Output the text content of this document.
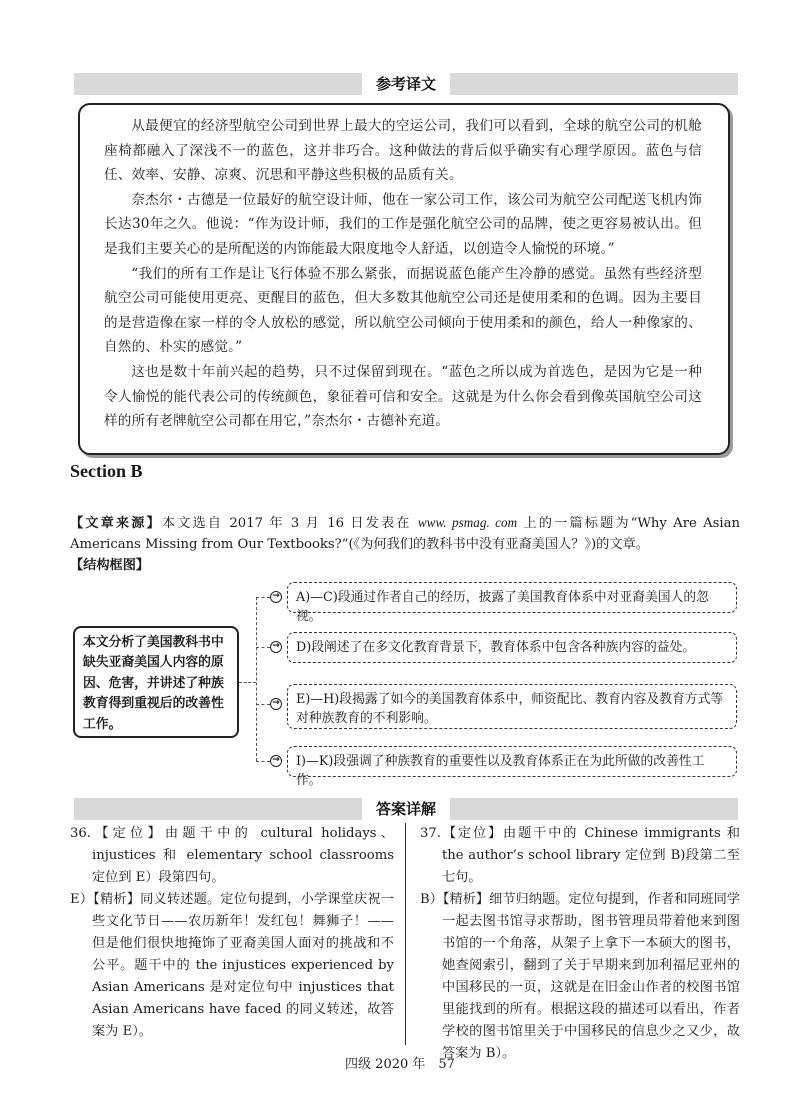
参考译文

从最便宜的经济型航空公司到世界上最大的空运公司，我们可以看到，全球的航空公司的机舱座椅都融入了深浅不一的蓝色，这并非巧合。这种做法的背后似乎确实有心理学原因。蓝色与信任、效率、安静、凉爽、沉思和平静这些积极的品质有关。

奈杰尔・古德是一位最好的航空设计师，他在一家公司工作，该公司为航空公司配送飞机内饰长达30年之久。他说：“作为设计师，我们的工作是强化航空公司的品牌，使之更容易被认出。但是我们主要关心的是所配送的内饰能最大限度地令人舒适，以创造令人愉悦的环境。”

“我们的所有工作是让飞行体验不那么紧张，而据说蓝色能产生冷静的感觉。虽然有些经济型航空公司可能使用更亮、更醒目的蓝色，但大多数其他航空公司还是使用柔和的色调。因为主要目的是营造像在家一样的令人放松的感觉，所以航空公司倾向于使用柔和的颜色，给人一种像家的、自然的、朴实的感觉。”

这也是数十年前兴起的趋势，只不过保留到现在。“蓝色之所以成为首选色，是因为它是一种令人愉悦的能代表公司的传统颜色，象征着可信和安全。这就是为什么你会看到像英国航空公司这样的所有老牌航空公司都在用它，”奈杰尔・古德补充道。

Section B
【文章来源】本文选自 2017 年 3 月 16 日发表在 www. psmag. com 上的一篇标题为“Why Are Asian Americans Missing from Our Textbooks?”(《为何我们的教科书中没有亚裔美国人？》)的文章。
【结构框图】
本文分析了美国教科书中缺失亚裔美国人内容的原因、危害，并讲述了种族教育得到重视后的改善性工作。
→	A)—C)段通过作者自己的经历，披露了美国教育体系中对亚裔美国人的忽视。
→	D)段阐述了在多文化教育背景下，教育体系中包含各种族内容的益处。
→	E)—H)段揭露了如今的美国教育体系中，师资配比、教育内容及教育方式等对种族教育的不利影响。
→	I)—K)段强调了种族教育的重要性以及教育体系正在为此所做的改善性工作。
答案详解

36.【定位】由题干中的 cultural holidays、injustices 和 elementary school classrooms 定位到 E）段第四句。

E）【精析】同义转述题。定位句提到，小学课堂庆祝一些文化节日——农历新年！发红包！舞狮子！——但是他们很快地掩饰了亚裔美国人面对的挑战和不公平。题干中的 the injustices experienced by Asian Americans 是对定位句中 injustices that Asian Americans have faced 的同义转述，故答案为 E）。

37.【定位】由题干中的 Chinese immigrants 和 the author’s school library 定位到 B)段第二至七句。

B）【精析】细节归纳题。定位句提到，作者和同班同学一起去图书馆寻求帮助，图书管理员带着他来到图书馆的一个角落，从架子上拿下一本硕大的图书，她查阅索引，翻到了关于早期来到加利福尼亚州的中国移民的一页，这就是在旧金山作者的校图书馆里能找到的所有。根据这段的描述可以看出，作者学校的图书馆里关于中国移民的信息少之又少，故答案为 B）。

四级 2020 年　57
